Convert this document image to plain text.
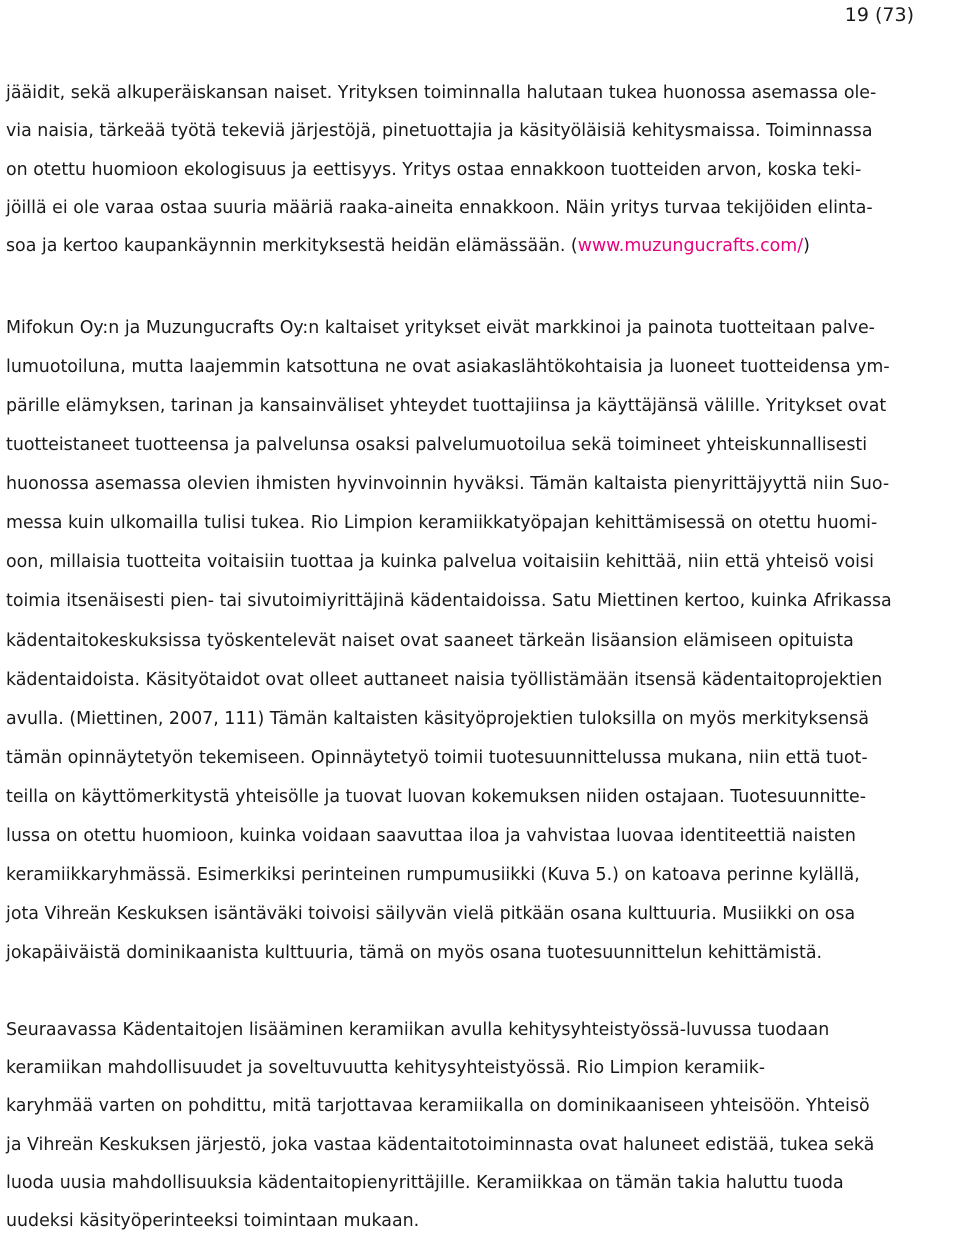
19 (73)

jääidit, sekä alkuperäiskansan naiset. Yrityksen toiminnalla halutaan tukea huonossa asemassa ole-
via naisia, tärkeää työtä tekeviä järjestöjä, pinetuottajia ja käsityöläisiä kehitysmaissa. Toiminnassa
on otettu huomioon ekologisuus ja eettisyys. Yritys ostaa ennakkoon tuotteiden arvon, koska teki-
jöillä ei ole varaa ostaa suuria määriä raaka-aineita ennakkoon. Näin yritys turvaa tekijöiden elinta-
soa ja kertoo kaupankäynnin merkityksestä heidän elämässään. (www.muzungucrafts.com/)

Mifokun Oy:n ja Muzungucrafts Oy:n kaltaiset yritykset eivät markkinoi ja painota tuotteitaan palve-
lumuotoiluna, mutta laajemmin katsottuna ne ovat asiakaslähtökohtaisia ja luoneet tuotteidensa ym-
pärille elämyksen, tarinan ja kansainväliset yhteydet tuottajiinsa ja käyttäjänsä välille. Yritykset ovat
tuotteistaneet tuotteensa ja palvelunsa osaksi palvelumuotoilua sekä toimineet yhteiskunnallisesti
huonossa asemassa olevien ihmisten hyvinvoinnin hyväksi. Tämän kaltaista pienyrittäjyyttä niin Suo-
messa kuin ulkomailla tulisi tukea. Rio Limpion keramiikkatyöpajan kehittämisessä on otettu huomi-
oon, millaisia tuotteita voitaisiin tuottaa ja kuinka palvelua voitaisiin kehittää, niin että yhteisö voisi
toimia itsenäisesti pien- tai sivutoimiyrittäjinä kädentaidoissa. Satu Miettinen kertoo, kuinka Afrikassa
kädentaitokeskuksissa työskentelevät naiset ovat saaneet tärkeän lisäansion elämiseen opituista
kädentaidoista. Käsityötaidot ovat olleet auttaneet naisia työllistämään itsensä kädentaitoprojektien
avulla. (Miettinen, 2007, 111) Tämän kaltaisten käsityöprojektien tuloksilla on myös merkityksensä
tämän opinnäytetyön tekemiseen. Opinnäytetyö toimii tuotesuunnittelussa mukana, niin että tuot-
teilla on käyttömerkitystä yhteisölle ja tuovat luovan kokemuksen niiden ostajaan. Tuotesuunnitte-
lussa on otettu huomioon, kuinka voidaan saavuttaa iloa ja vahvistaa luovaa identiteettiä naisten
keramiikkaryhmässä. Esimerkiksi perinteinen rumpumusiikki (Kuva 5.) on katoava perinne kylällä,
jota Vihreän Keskuksen isäntäväki toivoisi säilyvän vielä pitkään osana kulttuuria. Musiikki on osa
jokapäiväistä dominikaanista kulttuuria, tämä on myös osana tuotesuunnittelun kehittämistä.

Seuraavassa Kädentaitojen lisääminen keramiikan avulla kehitysyhteistyössä-luvussa tuodaan
keramiikan mahdollisuudet ja soveltuvuutta kehitysyhteistyössä. Rio Limpion keramiik-
karyhmää varten on pohdittu, mitä tarjottavaa keramiikalla on dominikaaniseen yhteisöön. Yhteisö
ja Vihreän Keskuksen järjestö, joka vastaa kädentaitotoiminnasta ovat haluneet edistää, tukea sekä
luoda uusia mahdollisuuksia kädentaitopienyrittäjille. Keramiikkaa on tämän takia haluttu tuoda
uudeksi käsityöperinteeksi toimintaan mukaan.
